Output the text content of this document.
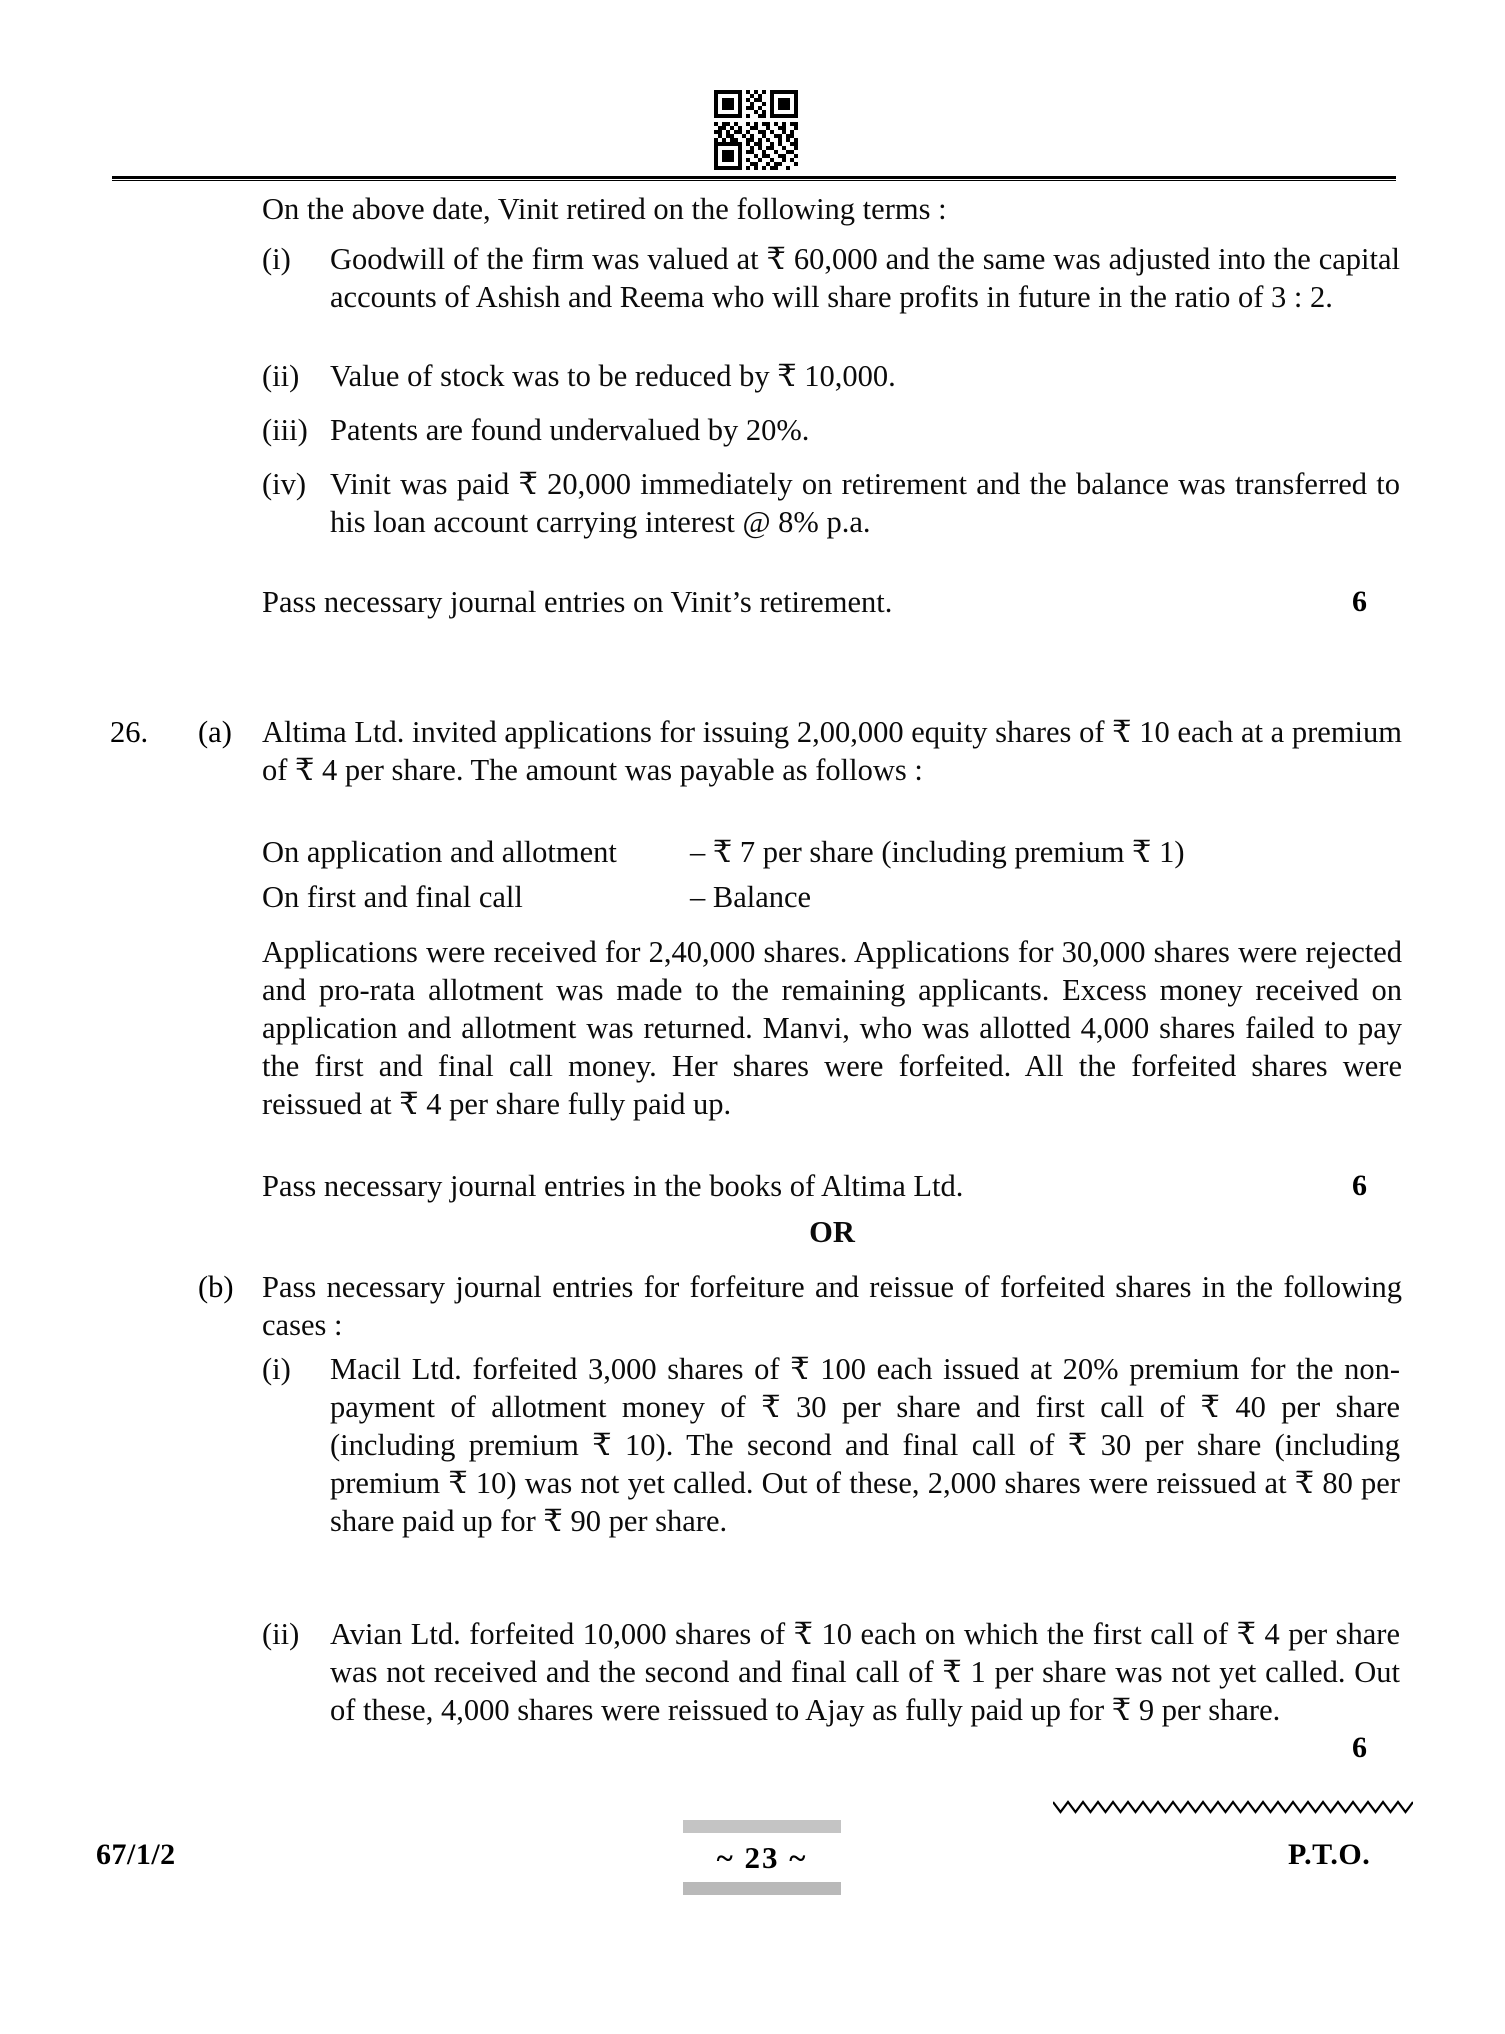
On the above date, Vinit retired on the following terms :
(i)	Goodwill of the firm was valued at ₹ 60,000 and the same was adjusted into the capital accounts of Ashish and Reema who will share profits in future in the ratio of 3 : 2.
(ii)	Value of stock was to be reduced by ₹ 10,000.
(iii) Patents are found undervalued by 20%.
(iv) Vinit was paid ₹ 20,000 immediately on retirement and the balance was transferred to his loan account carrying interest @ 8% p.a.
Pass necessary journal entries on Vinit’s retirement.	6
26. (a) Altima Ltd. invited applications for issuing 2,00,000 equity shares of ₹ 10 each at a premium of ₹ 4 per share. The amount was payable as follows :
On application and allotment	– ₹ 7 per share (including premium ₹ 1)
On first and final call	– Balance
Applications were received for 2,40,000 shares. Applications for 30,000 shares were rejected and pro-rata allotment was made to the remaining applicants. Excess money received on application and allotment was returned. Manvi, who was allotted 4,000 shares failed to pay the first and final call money. Her shares were forfeited. All the forfeited shares were reissued at ₹ 4 per share fully paid up.
Pass necessary journal entries in the books of Altima Ltd.	6
OR
(b) Pass necessary journal entries for forfeiture and reissue of forfeited shares in the following cases :
(i)	Macil Ltd. forfeited 3,000 shares of ₹ 100 each issued at 20% premium for the non-payment of allotment money of ₹ 30 per share and first call of ₹ 40 per share (including premium ₹ 10). The second and final call of ₹ 30 per share (including premium ₹ 10) was not yet called. Out of these, 2,000 shares were reissued at ₹ 80 per share paid up for ₹ 90 per share.
(ii)	Avian Ltd. forfeited 10,000 shares of ₹ 10 each on which the first call of ₹ 4 per share was not received and the second and final call of ₹ 1 per share was not yet called. Out of these, 4,000 shares were reissued to Ajay as fully paid up for ₹ 9 per share.
6
67/1/2	~ 23 ~	P.T.O.
